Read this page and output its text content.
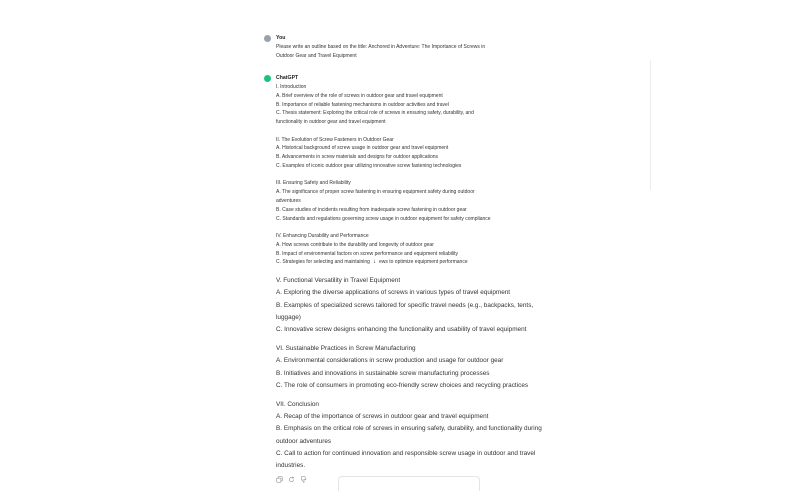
You
Please write an outline based on the title: Anchored in Adventure: The Importance of Screws in
Outdoor Gear and Travel Equipment
ChatGPT
I. Introduction
A. Brief overview of the role of screws in outdoor gear and travel equipment
B. Importance of reliable fastening mechanisms in outdoor activities and travel
C. Thesis statement: Exploring the critical role of screws in ensuring safety, durability, and
functionality in outdoor gear and travel equipment
II. The Evolution of Screw Fasteners in Outdoor Gear
A. Historical background of screw usage in outdoor gear and travel equipment
B. Advancements in screw materials and designs for outdoor applications
C. Examples of iconic outdoor gear utilizing innovative screw fastening technologies
III. Ensuring Safety and Reliability
A. The significance of proper screw fastening in ensuring equipment safety during outdoor
adventures
B. Case studies of incidents resulting from inadequate screw fastening in outdoor gear
C. Standards and regulations governing screw usage in outdoor equipment for safety compliance
IV. Enhancing Durability and Performance
A. How screws contribute to the durability and longevity of outdoor gear
B. Impact of environmental factors on screw performance and equipment reliability
C. Strategies for selecting and maintaining ↓ ews to optimize equipment performance
V. Functional Versatility in Travel Equipment
A. Exploring the diverse applications of screws in various types of travel equipment
B. Examples of specialized screws tailored for specific travel needs (e.g., backpacks, tents,
luggage)
C. Innovative screw designs enhancing the functionality and usability of travel equipment
VI. Sustainable Practices in Screw Manufacturing
A. Environmental considerations in screw production and usage for outdoor gear
B. Initiatives and innovations in sustainable screw manufacturing processes
C. The role of consumers in promoting eco-friendly screw choices and recycling practices
VII. Conclusion
A. Recap of the importance of screws in outdoor gear and travel equipment
B. Emphasis on the critical role of screws in ensuring safety, durability, and functionality during
outdoor adventures
C. Call to action for continued innovation and responsible screw usage in outdoor and travel
industries.
